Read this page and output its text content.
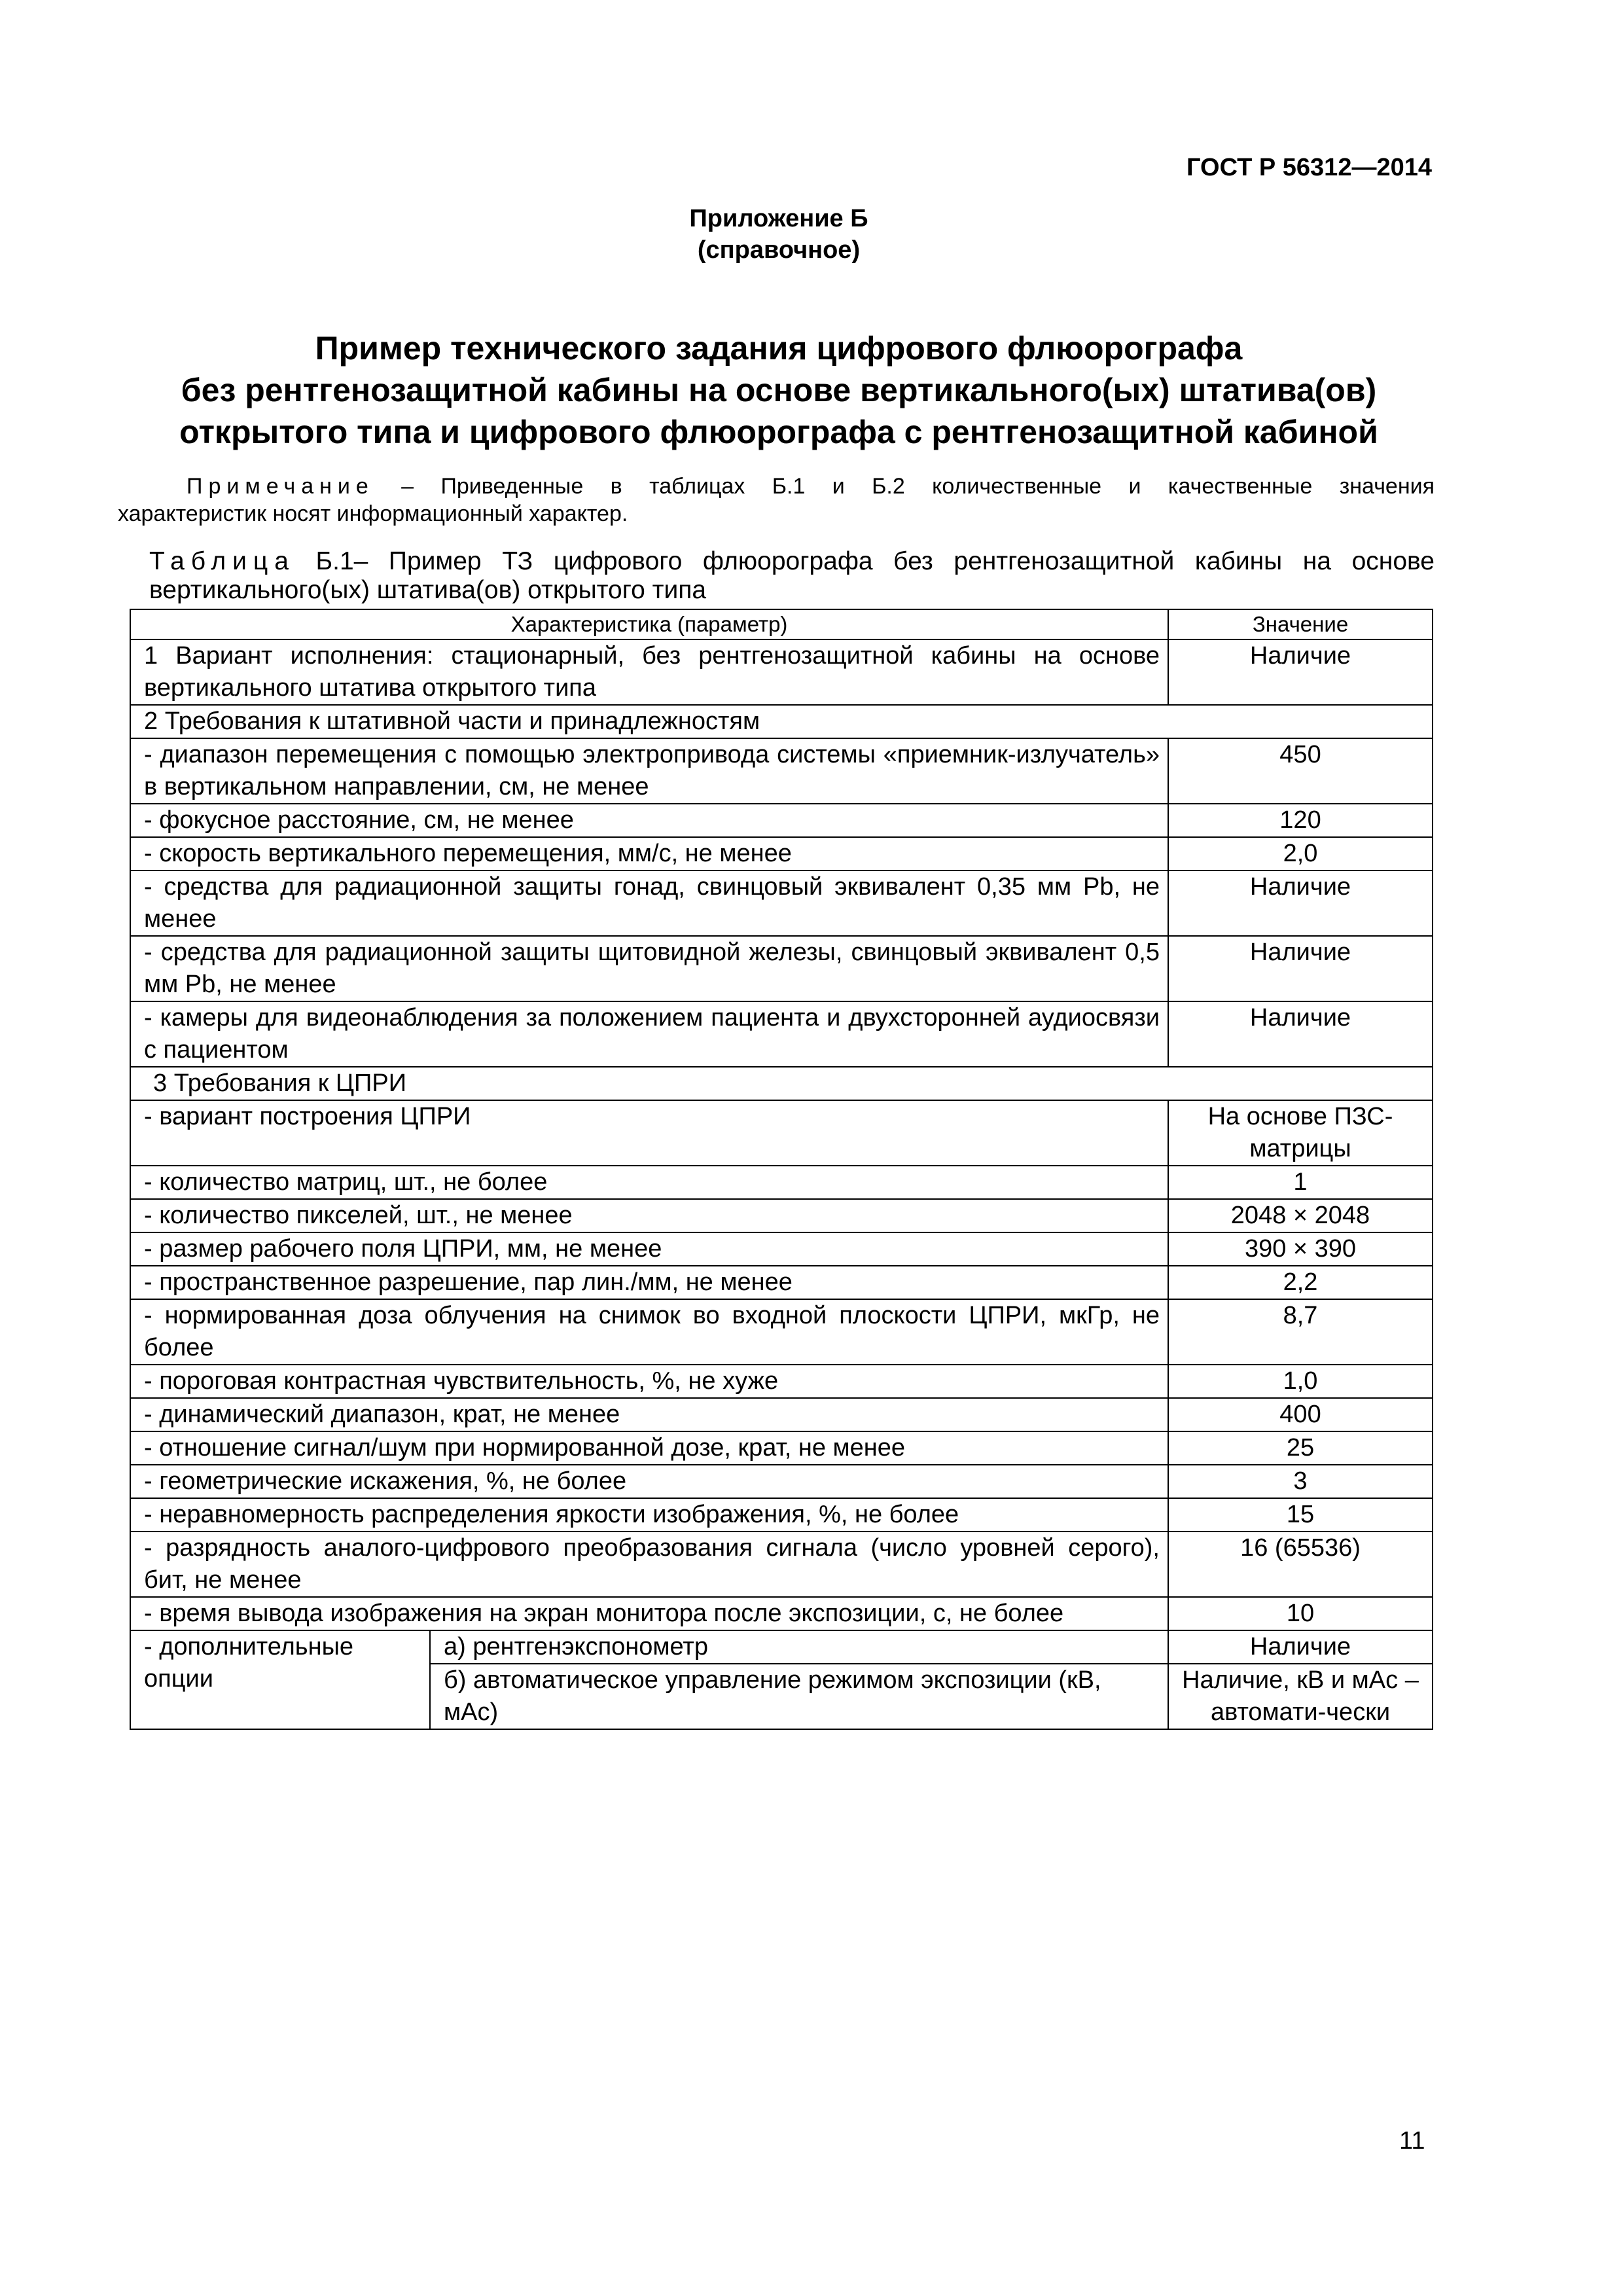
ГОСТ Р 56312—2014
Приложение Б
(справочное)
Пример технического задания цифрового флюорографа
без рентгенозащитной кабины на основе вертикального(ых) штатива(ов)
открытого типа и цифрового флюорографа с рентгенозащитной кабиной
Примечание – Приведенные в таблицах Б.1 и Б.2 количественные и качественные значения
характеристик носят информационный характер.
Таблица Б.1– Пример ТЗ цифрового флюорографа без рентгенозащитной кабины на основе
вертикального(ых) штатива(ов) открытого типа
Характеристика (параметр)		Значение
1 Вариант исполнения: стационарный, без рентгенозащитной кабины на основе вертикального штатива открытого типа		Наличие
2 Требования к штативной части и принадлежностям		
- диапазон перемещения с помощью электропривода системы «приемник-излучатель» в вертикальном направлении, см, не менее		450
- фокусное расстояние, см, не менее		120
- скорость вертикального перемещения, мм/с, не менее		2,0
- средства для радиационной защиты гонад, свинцовый эквивалент 0,35 мм Pb, не менее		Наличие
- средства для радиационной защиты щитовидной железы, свинцовый эквивалент 0,5 мм Pb, не менее		Наличие
- камеры для видеонаблюдения за положением пациента и двухсторонней аудиосвязи с пациентом		Наличие
3 Требования к ЦПРИ		
- вариант построения ЦПРИ		На основе ПЗС-матрицы
- количество матриц, шт., не более		1
- количество пикселей, шт., не менее		2048 × 2048
- размер рабочего поля ЦПРИ, мм, не менее		390 × 390
- пространственное разрешение, пар лин./мм, не менее		2,2
- нормированная доза облучения на снимок во входной плоскости ЦПРИ, мкГр, не более		8,7
- пороговая контрастная чувствительность, %, не хуже		1,0
- динамический диапазон, крат, не менее		400
- отношение сигнал/шум при нормированной дозе, крат, не менее		25
- геометрические искажения, %, не более		3
- неравномерность распределения яркости изображения, %, не более		15
- разрядность аналого-цифрового преобразования сигнала (число уровней серого), бит, не менее		16 (65536)
- время вывода изображения на экран монитора после экспозиции, с, не более		10
- дополнительные опции	а) рентгенэкспонометр	Наличие
	б) автоматическое управление режимом экспозиции (кВ, мАс)	Наличие, кВ и мАс – автомати-чески
11
